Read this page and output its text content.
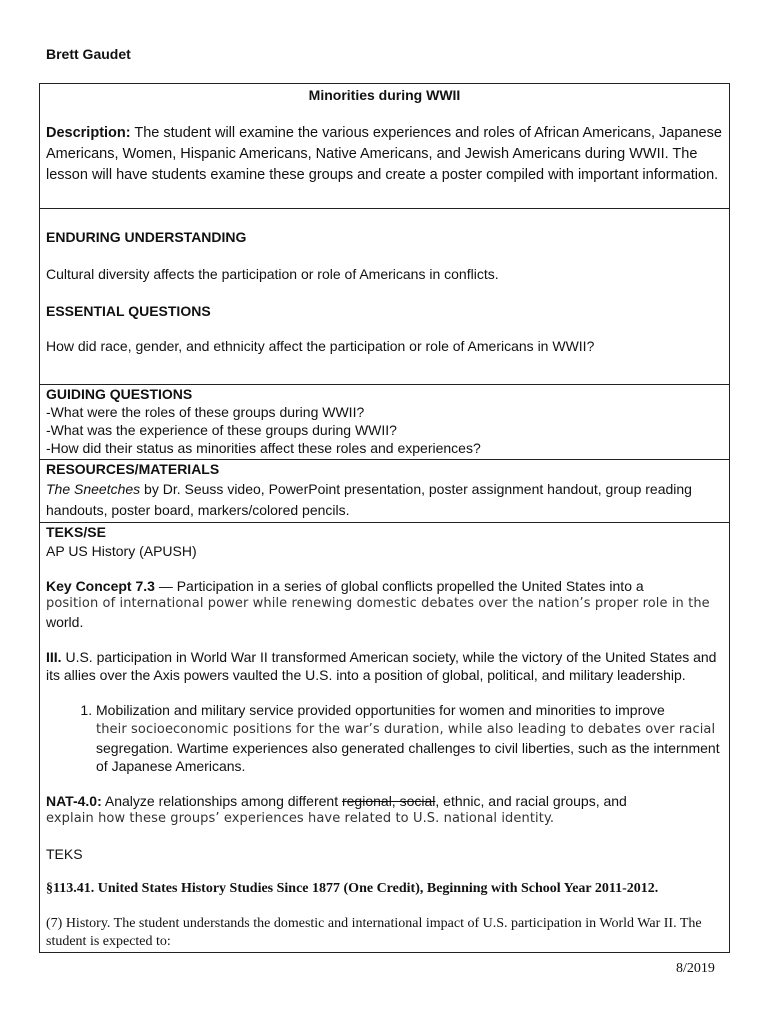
Brett Gaudet

Minorities during WWII

Description: The student will examine the various experiences and roles of African Americans, Japanese Americans, Women, Hispanic Americans, Native Americans, and Jewish Americans during WWII. The lesson will have students examine these groups and create a poster compiled with important information.

ENDURING UNDERSTANDING

Cultural diversity affects the participation or role of Americans in conflicts.

ESSENTIAL QUESTIONS

How did race, gender, and ethnicity affect the participation or role of Americans in WWII?

GUIDING QUESTIONS

-What were the roles of these groups during WWII?

-What was the experience of these groups during WWII?

-How did their status as minorities affect these roles and experiences?

RESOURCES/MATERIALS

The Sneetches by Dr. Seuss video, PowerPoint presentation, poster assignment handout, group reading handouts, poster board, markers/colored pencils.

TEKS/SE

AP US History (APUSH)

Key Concept 7.3 — Participation in a series of global conflicts propelled the United States into a

position of international power while renewing domestic debates over the nation’s proper role in the

world.

III. U.S. participation in World War II transformed American society, while the victory of the United States and its allies over the Axis powers vaulted the U.S. into a position of global, political, and military leadership.

1. Mobilization and military service provided opportunities for women and minorities to improve
their socioeconomic positions for the war’s duration, while also leading to debates over racial
segregation. Wartime experiences also generated challenges to civil liberties, such as the internment of Japanese Americans.

NAT-4.0: Analyze relationships among different regional, social, ethnic, and racial groups, and

explain how these groups’ experiences have related to U.S. national identity.

TEKS

§113.41. United States History Studies Since 1877 (One Credit), Beginning with School Year 2011-2012.

(7) History. The student understands the domestic and international impact of U.S. participation in World War II. The student is expected to:

8/2019
